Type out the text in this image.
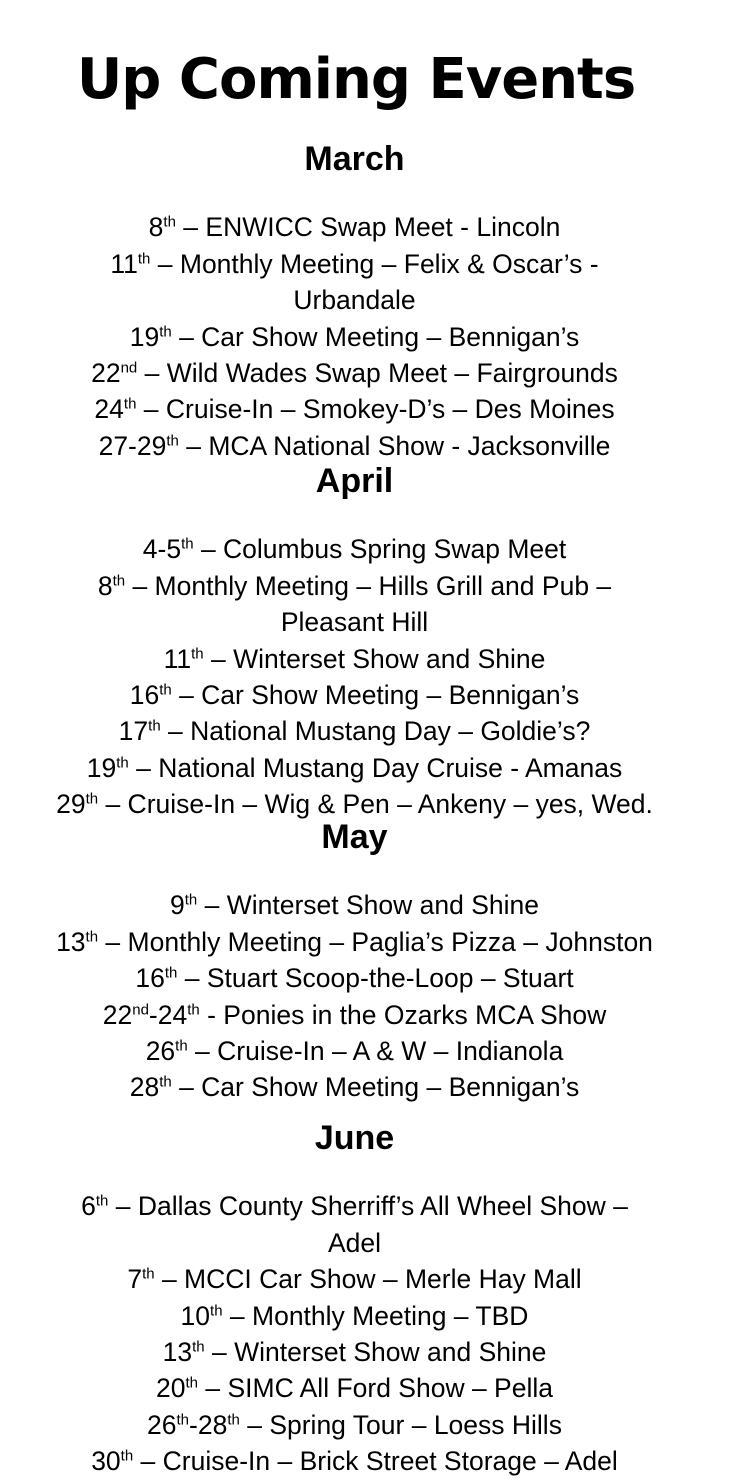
Up Coming Events
March
8th – ENWICC Swap Meet - Lincoln
11th – Monthly Meeting – Felix & Oscar’s -
Urbandale
19th – Car Show Meeting – Bennigan’s
22nd – Wild Wades Swap Meet – Fairgrounds
24th – Cruise-In – Smokey-D’s – Des Moines
27-29th – MCA National Show - Jacksonville
April
4-5th – Columbus Spring Swap Meet
8th – Monthly Meeting – Hills Grill and Pub –
Pleasant Hill
11th – Winterset Show and Shine
16th – Car Show Meeting – Bennigan’s
17th – National Mustang Day – Goldie’s?
19th – National Mustang Day Cruise - Amanas
29th – Cruise-In – Wig & Pen – Ankeny – yes, Wed.
May
9th – Winterset Show and Shine
13th – Monthly Meeting – Paglia’s Pizza – Johnston
16th – Stuart Scoop-the-Loop – Stuart
22nd-24th - Ponies in the Ozarks MCA Show
26th – Cruise-In – A & W – Indianola
28th – Car Show Meeting – Bennigan’s
June
6th – Dallas County Sherriff’s All Wheel Show –
Adel
7th – MCCI Car Show – Merle Hay Mall
10th – Monthly Meeting – TBD
13th – Winterset Show and Shine
20th – SIMC All Ford Show – Pella
26th-28th – Spring Tour – Loess Hills
30th – Cruise-In – Brick Street Storage – Adel
